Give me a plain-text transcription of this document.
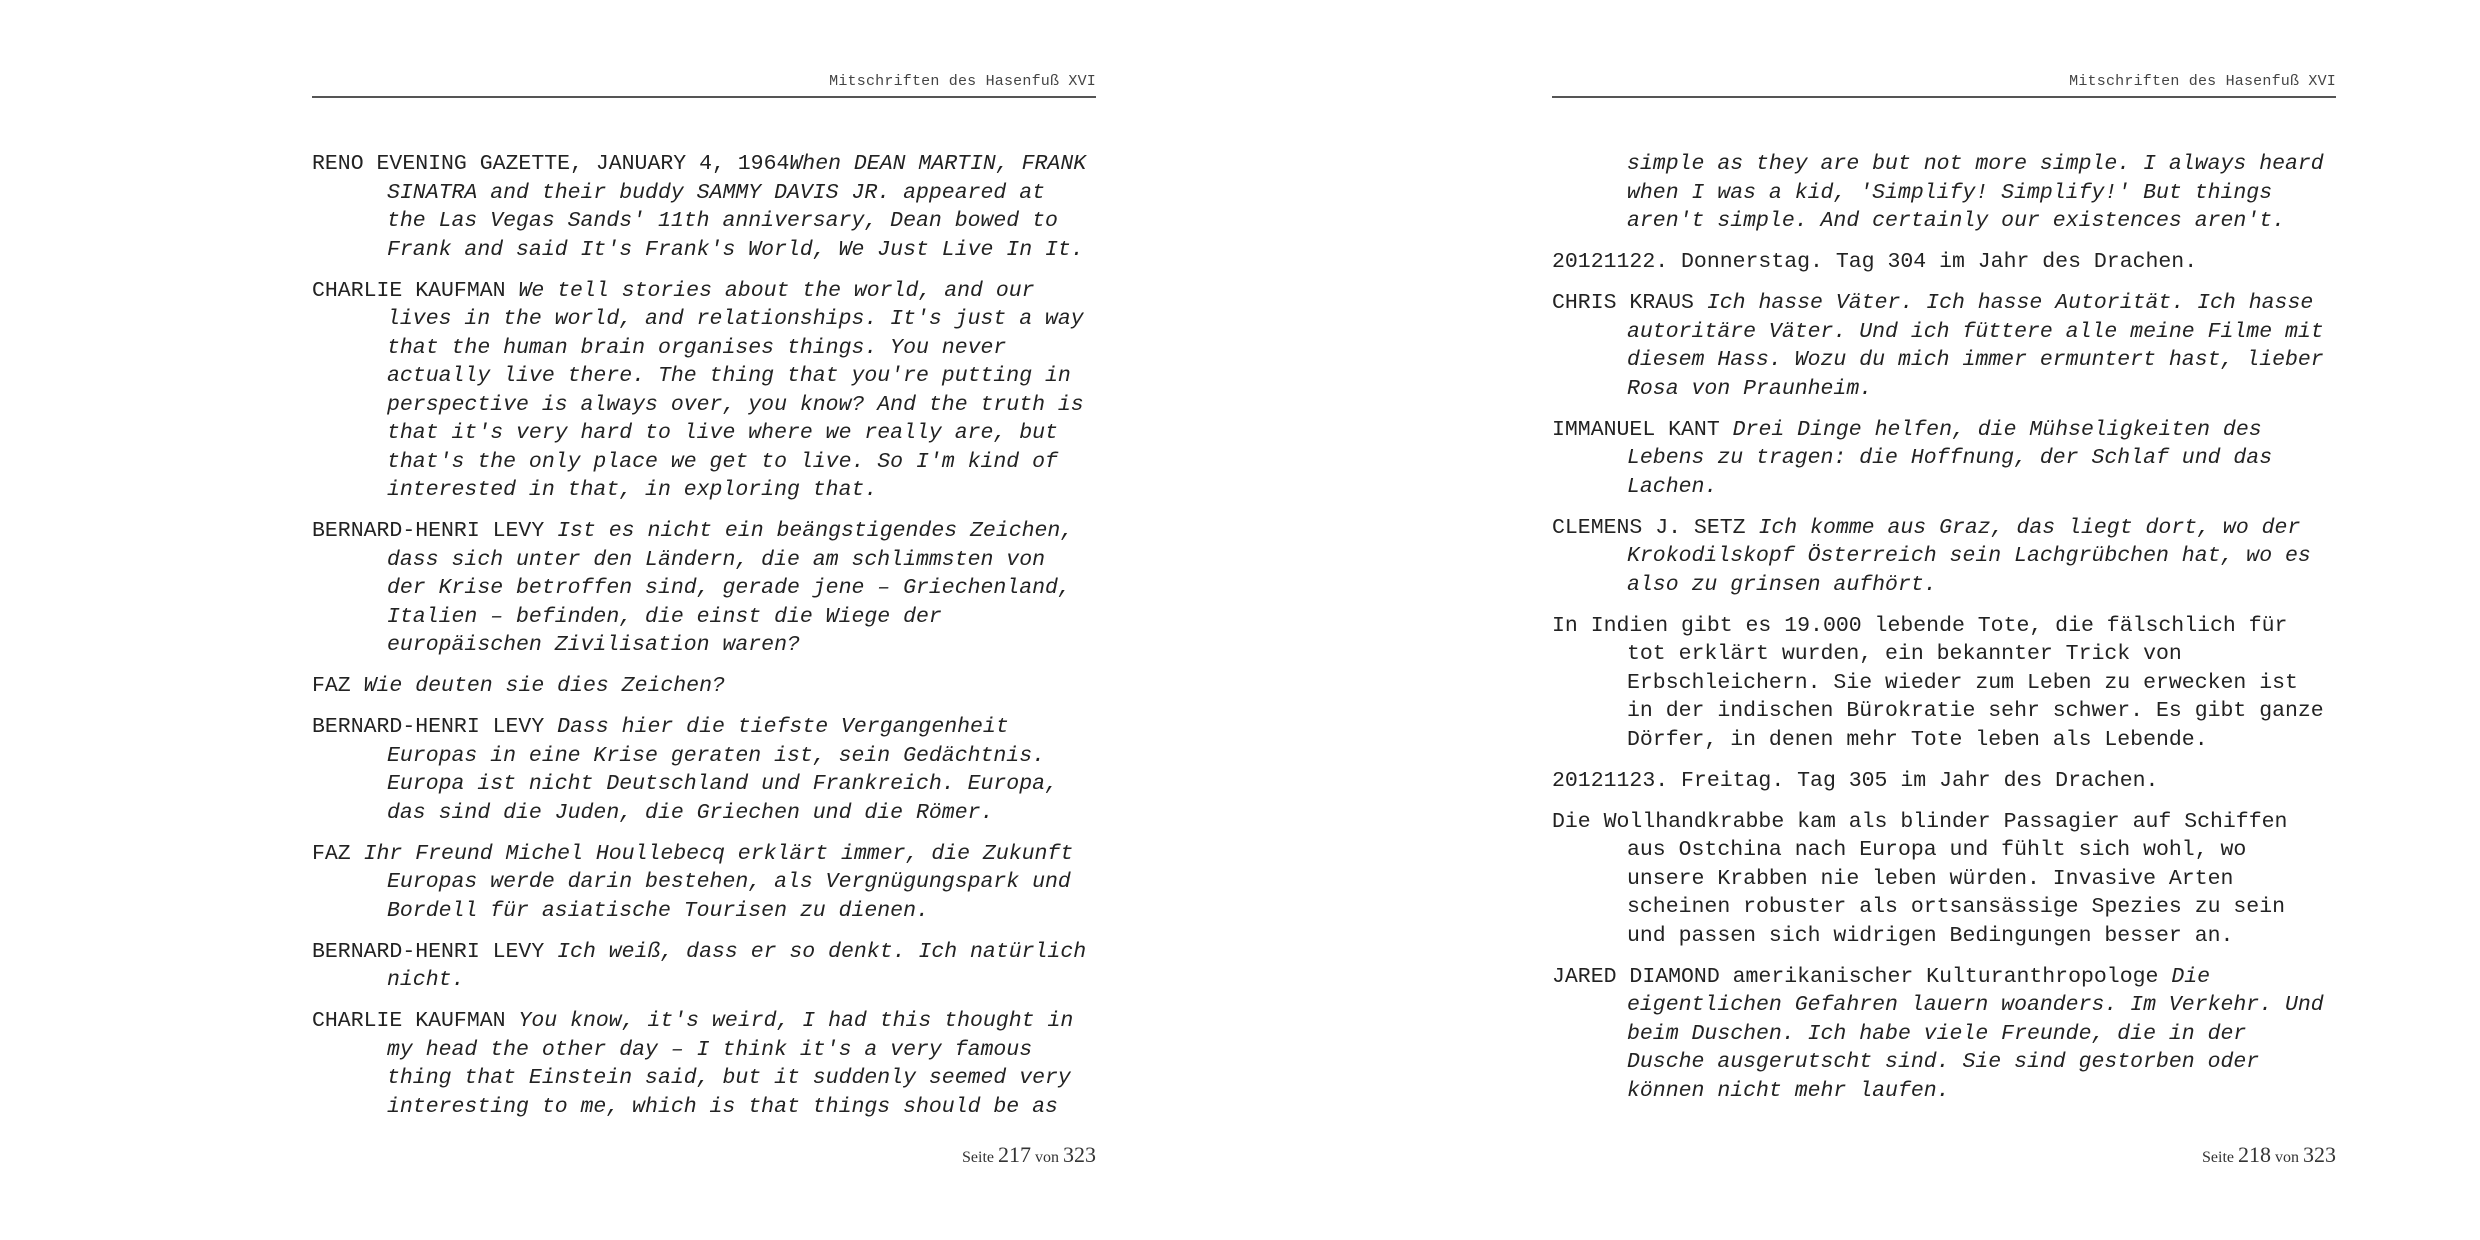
Mitschriften des Hasenfuß XVI

RENO EVENING GAZETTE, JANUARY 4, 1964When DEAN MARTIN, FRANK SINATRA and their buddy SAMMY DAVIS JR. appeared at the Las Vegas Sands' 11th anniversary, Dean bowed to Frank and said It's Frank's World, We Just Live In It.

CHARLIE KAUFMAN We tell stories about the world, and our lives in the world, and relationships. It's just a way that the human brain organises things. You never actually live there. The thing that you're putting in perspective is always over, you know? And the truth is that it's very hard to live where we really are, but that's the only place we get to live. So I'm kind of interested in that, in exploring that.

BERNARD-HENRI LEVY Ist es nicht ein beängstigendes Zeichen, dass sich unter den Ländern, die am schlimmsten von der Krise betroffen sind, gerade jene – Griechenland, Italien – befinden, die einst die Wiege der europäischen Zivilisation waren?

FAZ Wie deuten sie dies Zeichen?

BERNARD-HENRI LEVY Dass hier die tiefste Vergangenheit Europas in eine Krise geraten ist, sein Gedächtnis. Europa ist nicht Deutschland und Frankreich. Europa, das sind die Juden, die Griechen und die Römer.

FAZ Ihr Freund Michel Houllebecq erklärt immer, die Zukunft Europas werde darin bestehen, als Vergnügungspark und Bordell für asiatische Tourisen zu dienen.

BERNARD-HENRI LEVY Ich weiß, dass er so denkt. Ich natürlich nicht.

CHARLIE KAUFMAN You know, it's weird, I had this thought in my head the other day – I think it's a very famous thing that Einstein said, but it suddenly seemed very interesting to me, which is that things should be as

Seite 217 von 323
Mitschriften des Hasenfuß XVI

simple as they are but not more simple. I always heard when I was a kid, 'Simplify! Simplify!' But things aren't simple. And certainly our existences aren't.

20121122. Donnerstag. Tag 304 im Jahr des Drachen.

CHRIS KRAUS Ich hasse Väter. Ich hasse Autorität. Ich hasse autoritäre Väter. Und ich füttere alle meine Filme mit diesem Hass. Wozu du mich immer ermuntert hast, lieber Rosa von Praunheim.

IMMANUEL KANT Drei Dinge helfen, die Mühseligkeiten des Lebens zu tragen: die Hoffnung, der Schlaf und das Lachen.

CLEMENS J. SETZ Ich komme aus Graz, das liegt dort, wo der Krokodilskopf Österreich sein Lachgrübchen hat, wo es also zu grinsen aufhört.

In Indien gibt es 19.000 lebende Tote, die fälschlich für tot erklärt wurden, ein bekannter Trick von Erbschleichern. Sie wieder zum Leben zu erwecken ist in der indischen Bürokratie sehr schwer. Es gibt ganze Dörfer, in denen mehr Tote leben als Lebende.

20121123. Freitag. Tag 305 im Jahr des Drachen.

Die Wollhandkrabbe kam als blinder Passagier auf Schiffen aus Ostchina nach Europa und fühlt sich wohl, wo unsere Krabben nie leben würden. Invasive Arten scheinen robuster als ortsansässige Spezies zu sein und passen sich widrigen Bedingungen besser an.

JARED DIAMOND amerikanischer Kulturanthropologe Die eigentlichen Gefahren lauern woanders. Im Verkehr. Und beim Duschen. Ich habe viele Freunde, die in der Dusche ausgerutscht sind. Sie sind gestorben oder können nicht mehr laufen.

Seite 218 von 323
